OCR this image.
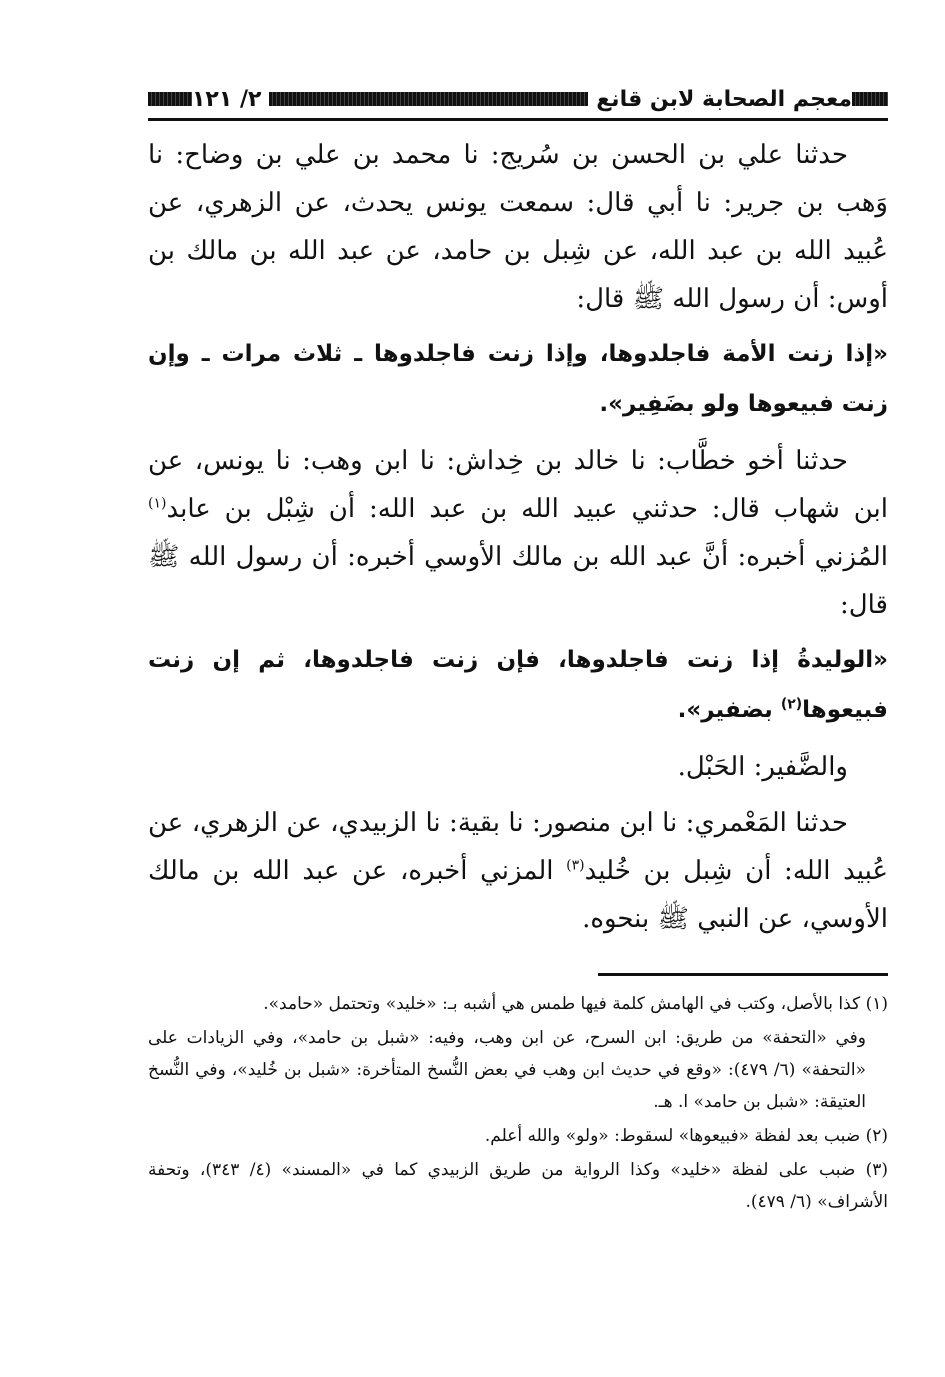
معجم الصحابة لابن قانع
٢/ ١٢١

حدثنا علي بن الحسن بن سُريج: نا محمد بن علي بن وضاح: نا وَهب بن جرير: نا أبي قال: سمعت يونس يحدث، عن الزهري، عن عُبيد الله بن عبد الله، عن شِبل بن حامد، عن عبد الله بن مالك بن أوس: أن رسول الله ﷺ قال:

«إذا زنت الأمة فاجلدوها، وإذا زنت فاجلدوها ـ ثلاث مرات ـ وإن زنت فبيعوها ولو بضَفِير».

حدثنا أخو خطَّاب: نا خالد بن خِداش: نا ابن وهب: نا يونس، عن ابن شهاب قال: حدثني عبيد الله بن عبد الله: أن شِبْل بن عابد$^{(١)}$ المُزني أخبره: أنَّ عبد الله بن مالك الأوسي أخبره: أن رسول الله ﷺ قال:

«الوليدةُ إذا زنت فاجلدوها، فإن زنت فاجلدوها، ثم إن زنت فبيعوها$^{(٢)}$ بضفير».

والضَّفير: الحَبْل.

حدثنا المَعْمري: نا ابن منصور: نا بقية: نا الزبيدي، عن الزهري، عن عُبيد الله: أن شِبل بن خُليد$^{(٣)}$ المزني أخبره، عن عبد الله بن مالك الأوسي، عن النبي ﷺ بنحوه.

(١) كذا بالأصل، وكتب في الهامش كلمة فيها طمس هي أشبه بـ: «خليد» وتحتمل «حامد».

وفي «التحفة» من طريق: ابن السرح، عن ابن وهب، وفيه: «شبل بن حامد»، وفي الزيادات على «التحفة» (٦/ ٤٧٩): «وقع في حديث ابن وهب في بعض النُّسخ المتأخرة: «شبل بن خُليد»، وفي النُّسخ العتيقة: «شبل بن حامد» ا. هـ.

(٢) ضبب بعد لفظة «فبيعوها» لسقوط: «ولو» والله أعلم.

(٣) ضبب على لفظة «خليد» وكذا الرواية من طريق الزبيدي كما في «المسند» (٤/ ٣٤٣)، وتحفة الأشراف» (٦/ ٤٧٩).
